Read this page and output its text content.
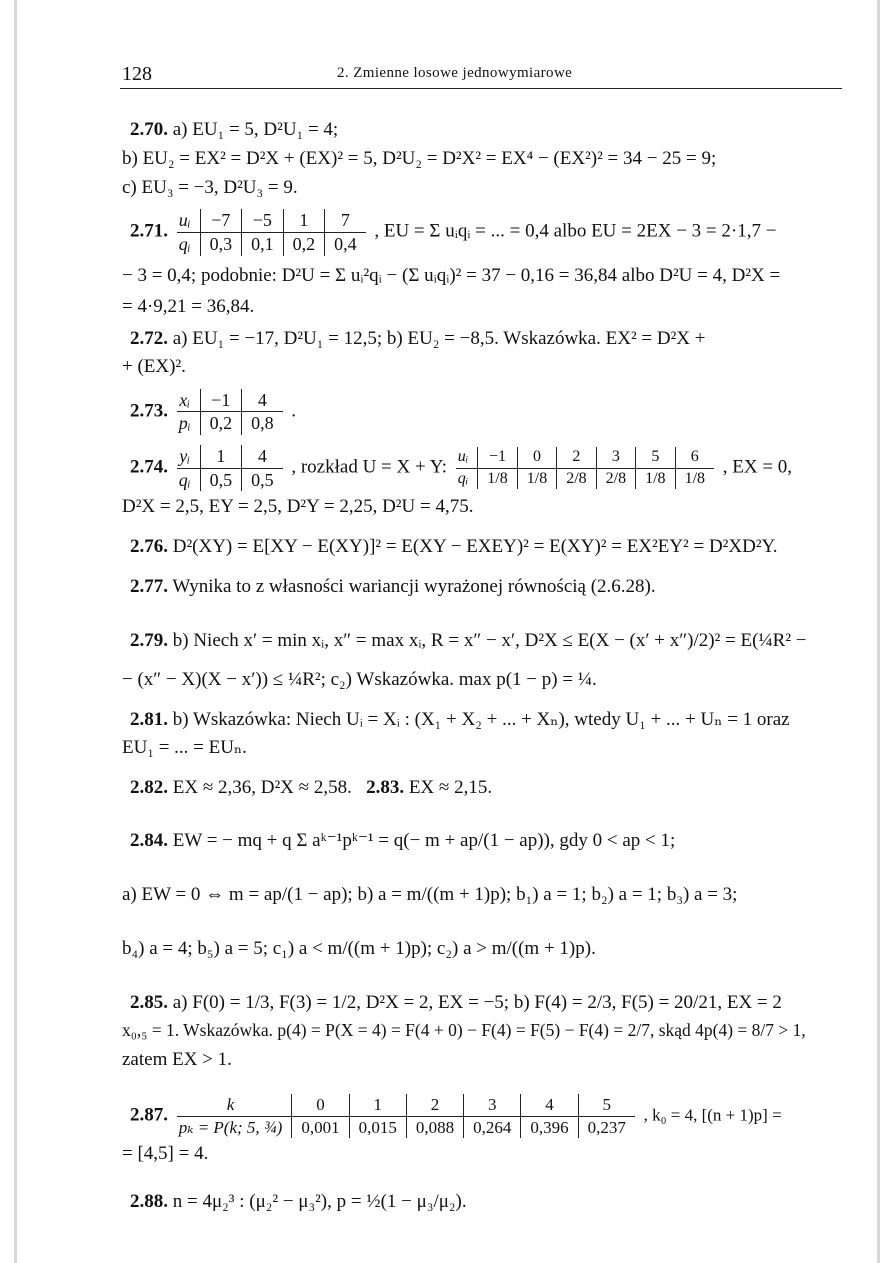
128	2. Zmienne losowe jednowymiarowe
2.70. a) EU₁ = 5, D²U₁ = 4;
b) EU₂ = EX² = D²X + (EX)² = 5, D²U₂ = D²X² = EX⁴ − (EX²)² = 34 − 25 = 9;
c) EU₃ = −3, D²U₃ = 9.
2.71. uᵢ	−7	−5	1	7
qᵢ	0,3	0,1	0,2	0,4 , EU = Σ uᵢqᵢ = ... = 0,4 albo EU = 2EX − 3 = 2·1,7 −
− 3 = 0,4; podobnie: D²U = Σ uᵢ²qᵢ − (Σ uᵢqᵢ)² = 37 − 0,16 = 36,84 albo D²U = 4, D²X =
= 4·9,21 = 36,84.
2.72. a) EU₁ = −17, D²U₁ = 12,5; b) EU₂ = −8,5. Wskazówka. EX² = D²X +
+ (EX)².
2.73. xᵢ	−1	4
pᵢ	0,2	0,8 .
2.74. yᵢ	1	4
qᵢ	0,5	0,5 , rozkład U = X + Y: uᵢ	−1	0	2	3	5	6
qᵢ	1/8	1/8	2/8	2/8	1/8	1/8 , EX = 0,
D²X = 2,5, EY = 2,5, D²Y = 2,25, D²U = 4,75.
2.76. D²(XY) = E[XY − E(XY)]² = E(XY − EXEY)² = E(XY)² = EX²EY² = D²XD²Y.
2.77. Wynika to z własności wariancji wyrażonej równością (2.6.28).
2.79. b) Niech x′ = min xᵢ, x″ = max xᵢ, R = x″ − x′, D²X ≤ E(X − (x′ + x″)/2)² = E(¼R² −
− (x″ − X)(X − x′)) ≤ ¼R²; c₂) Wskazówka. max p(1 − p) = ¼.
2.81. b) Wskazówka: Niech Uᵢ = Xᵢ : (X₁ + X₂ + ... + Xₙ), wtedy U₁ + ... + Uₙ = 1 oraz
EU₁ = ... = EUₙ.
2.82. EX ≈ 2,36, D²X ≈ 2,58. 2.83. EX ≈ 2,15.
2.84. EW = − mq + q Σ aᵏ⁻¹pᵏ⁻¹ = q(− m + ap/(1 − ap)), gdy 0 < ap < 1;
a) EW = 0 ⇔ m = ap/(1 − ap); b) a = m/((m + 1)p); b₁) a = 1; b₂) a = 1; b₃) a = 3;
b₄) a = 4; b₅) a = 5; c₁) a < m/((m + 1)p); c₂) a > m/((m + 1)p).
2.85. a) F(0) = 1/3, F(3) = 1/2, D²X = 2, EX = −5; b) F(4) = 2/3, F(5) = 20/21, EX = 2
x₀,₅ = 1. Wskazówka. p(4) = P(X = 4) = F(4 + 0) − F(4) = F(5) − F(4) = 2/7, skąd 4p(4) = 8/7 > 1,
zatem EX > 1.
2.87.	k	0	1	2	3	4	5
pₖ = P(k; 5, ¾)	0,001	0,015	0,088	0,264	0,396	0,237 , k₀ = 4, [(n + 1)p] =
= [4,5] = 4.
2.88. n = 4μ₂³ : (μ₂² − μ₃²), p = ½(1 − μ₃/μ₂).
